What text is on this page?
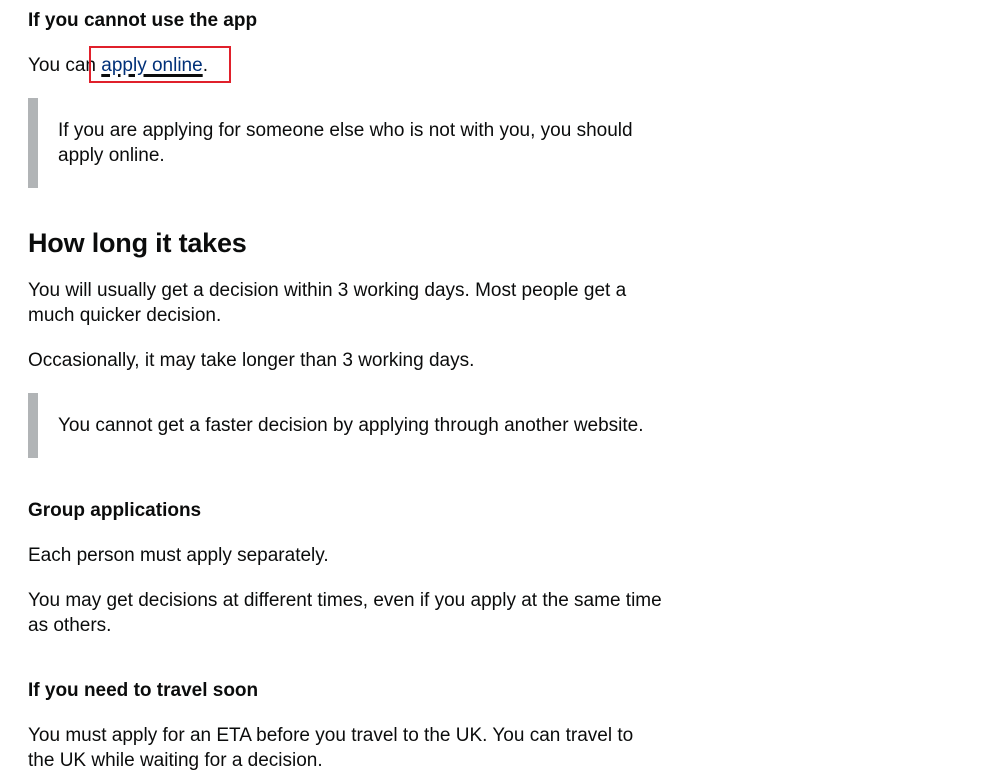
If you cannot use the app

You can apply online.

If you are applying for someone else who is not with you, you should apply online.

How long it takes

You will usually get a decision within 3 working days. Most people get a much quicker decision.

Occasionally, it may take longer than 3 working days.

You cannot get a faster decision by applying through another website.

Group applications

Each person must apply separately.

You may get decisions at different times, even if you apply at the same time as others.

If you need to travel soon

You must apply for an ETA before you travel to the UK. You can travel to the UK while waiting for a decision.
